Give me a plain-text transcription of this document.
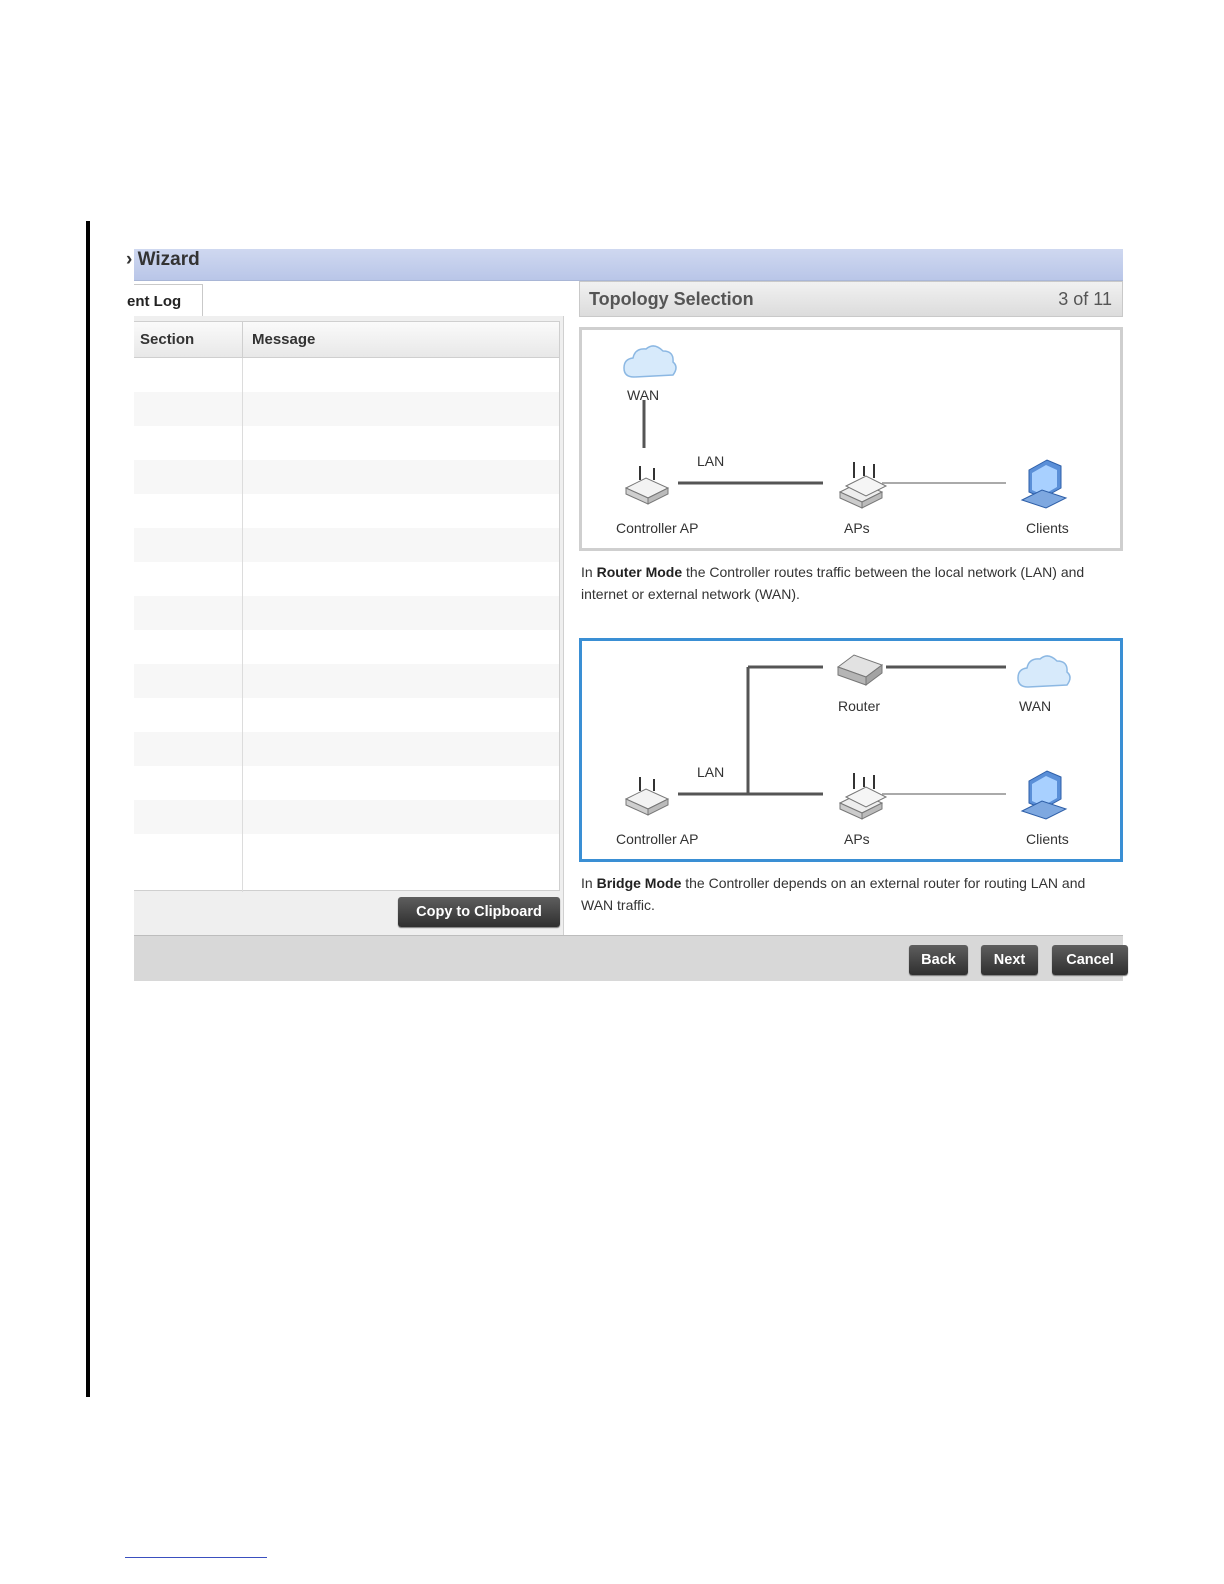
› Wizard
ent Log
Section	Message
Copy to Clipboard
Topology Selection	3 of 11
WAN
LAN
Controller AP	APs	Clients
In Router Mode the Controller routes traffic between the local network (LAN) and internet or external network (WAN).
Router	WAN
LAN
Controller AP	APs	Clients
In Bridge Mode the Controller depends on an external router for routing LAN and WAN traffic.
Back	Next	Cancel
